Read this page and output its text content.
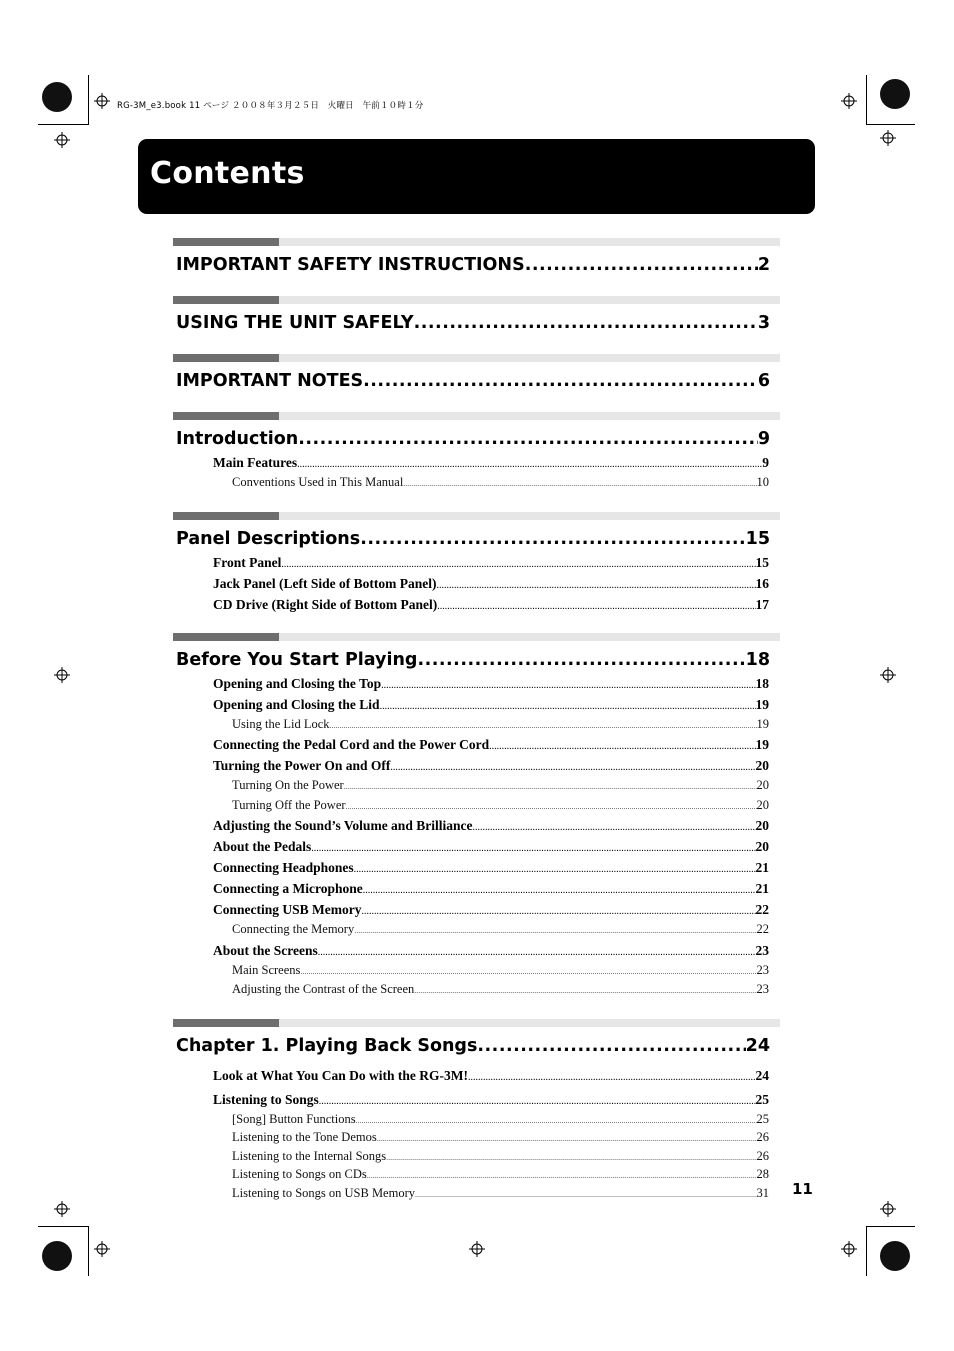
RG-3M_e3.book 11 ページ ２００８年３月２５日　火曜日　午前１０時１分
Contents
IMPORTANT SAFETY INSTRUCTIONS .....	2
USING THE UNIT SAFELY .....	3
IMPORTANT NOTES .....	6
Introduction .....	9
Main Features .....	9
Conventions Used in This Manual .....	10
Panel Descriptions .....	15
Front Panel .....	15
Jack Panel (Left Side of Bottom Panel) .....	16
CD Drive (Right Side of Bottom Panel) .....	17
Before You Start Playing .....	18
Opening and Closing the Top .....	18
Opening and Closing the Lid .....	19
Using the Lid Lock .....	19
Connecting the Pedal Cord and the Power Cord .....	19
Turning the Power On and Off .....	20
Turning On the Power .....	20
Turning Off the Power .....	20
Adjusting the Sound’s Volume and Brilliance .....	20
About the Pedals .....	20
Connecting Headphones .....	21
Connecting a Microphone .....	21
Connecting USB Memory .....	22
Connecting the Memory .....	22
About the Screens .....	23
Main Screens .....	23
Adjusting the Contrast of the Screen .....	23
Chapter 1. Playing Back Songs .....	24
Look at What You Can Do with the RG-3M! .....	24
Listening to Songs .....	25
[Song] Button Functions .....	25
Listening to the Tone Demos .....	26
Listening to the Internal Songs .....	26
Listening to Songs on CDs .....	28
Listening to Songs on USB Memory .....	31 11
